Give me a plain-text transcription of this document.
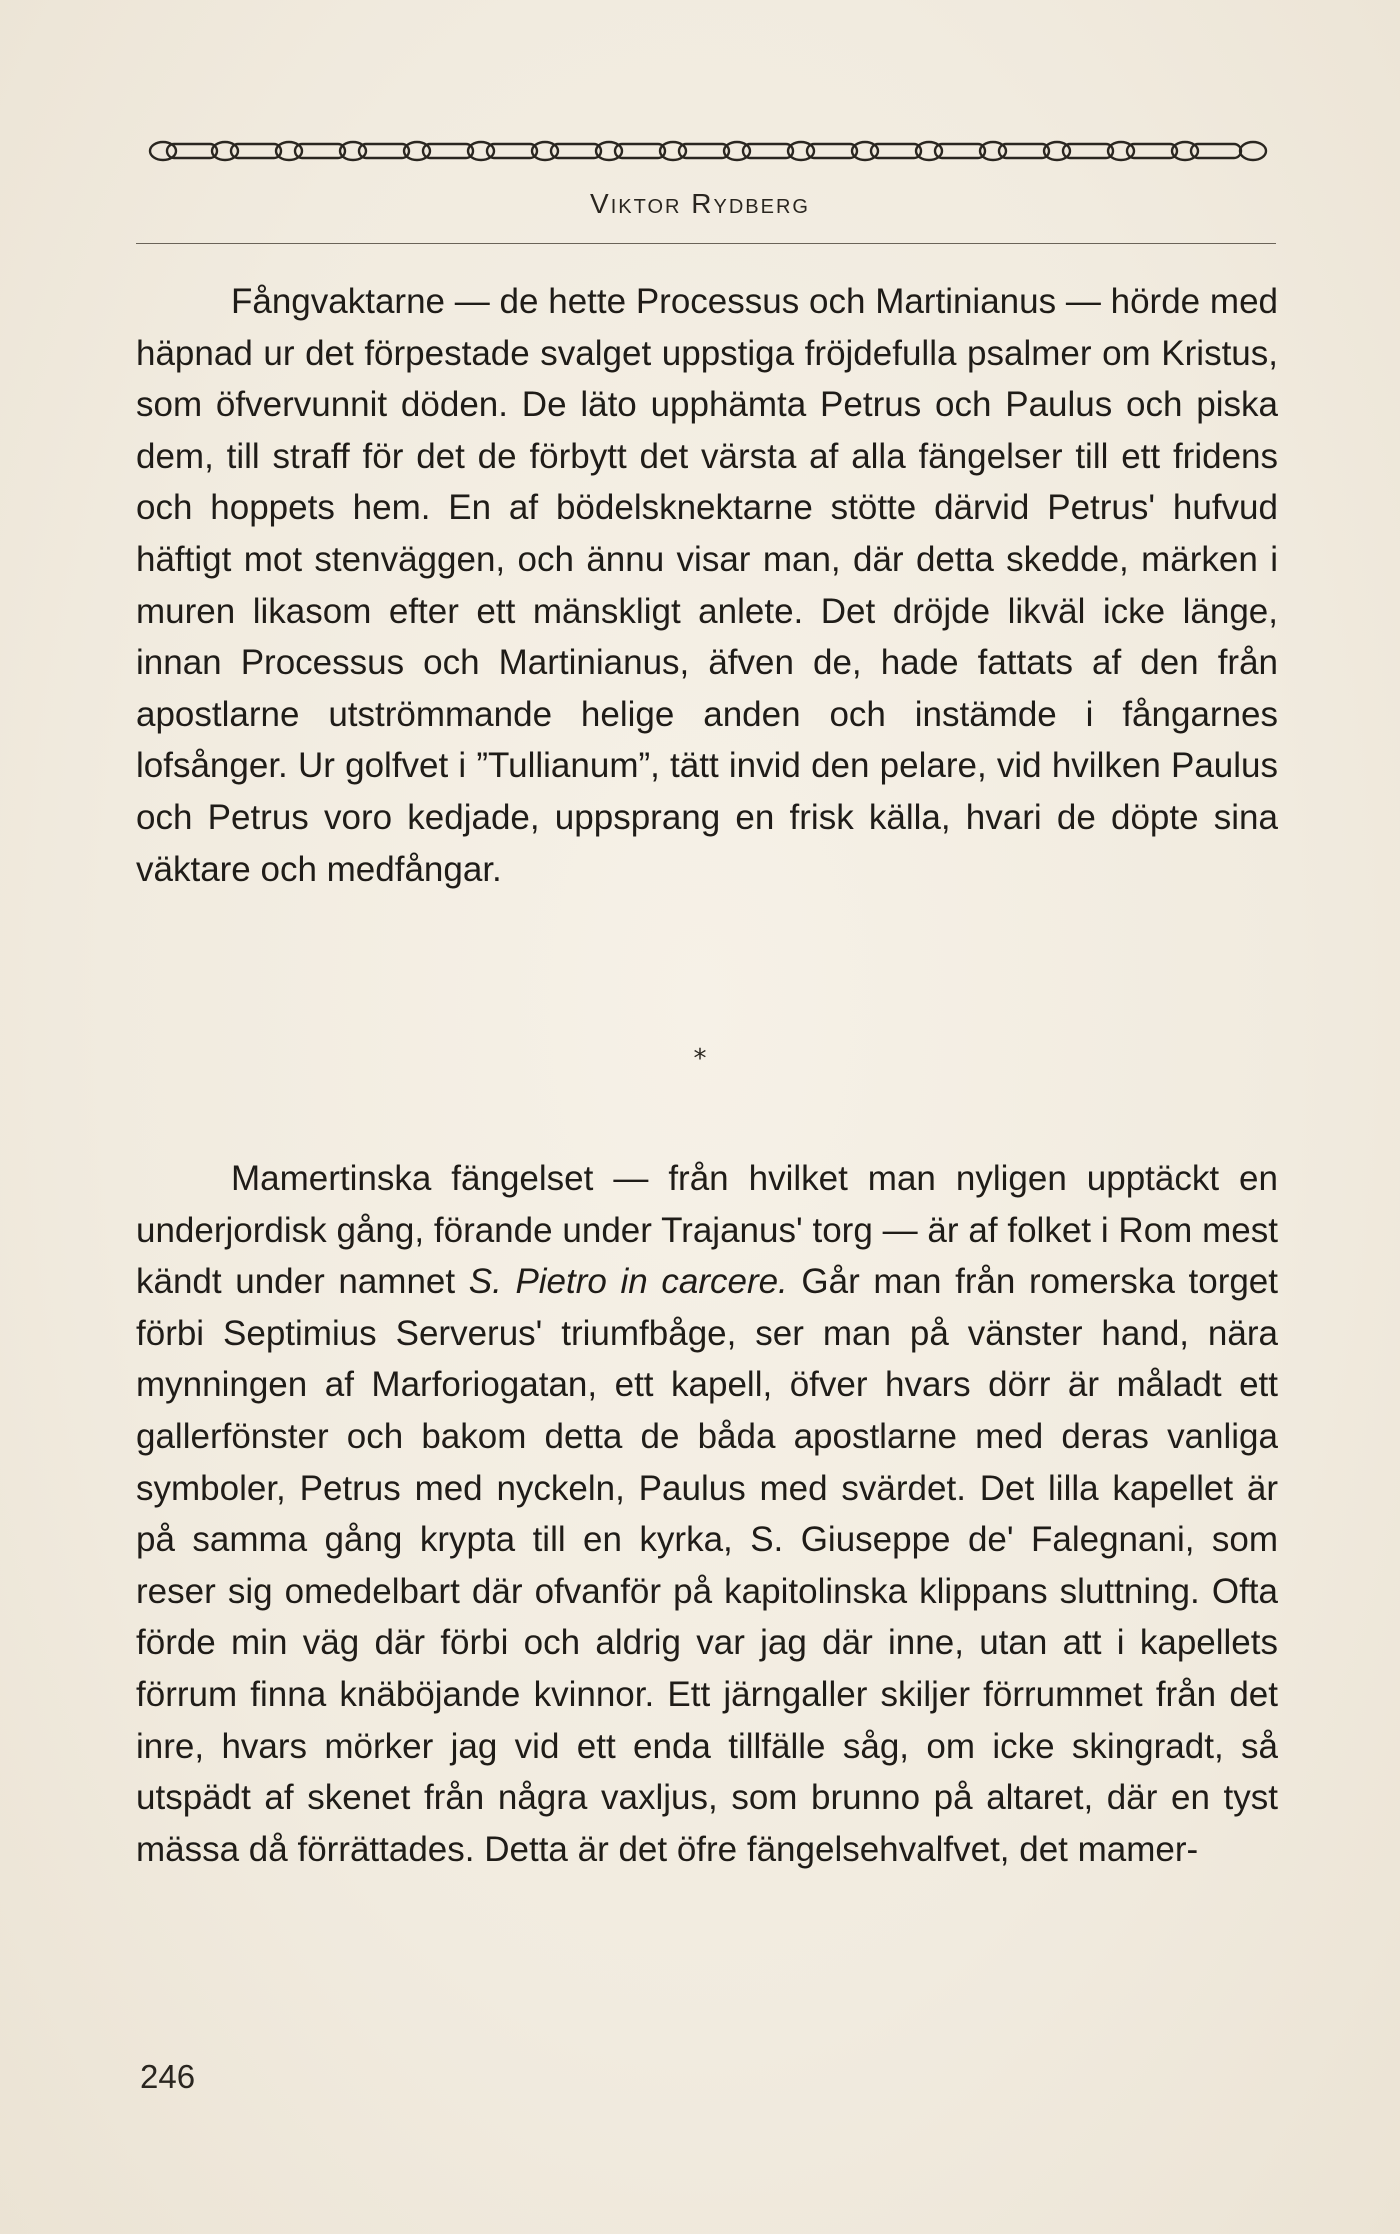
Viktor Rydberg

Fångvaktarne — de hette Processus och Martinianus — hörde med häpnad ur det förpestade svalget uppstiga fröjdefulla psalmer om Kristus, som öfvervunnit döden. De läto upphämta Petrus och Paulus och piska dem, till straff för det de förbytt det värsta af alla fängelser till ett fridens och hoppets hem. En af bödelsknektarne stötte därvid Petrus' hufvud häftigt mot stenväggen, och ännu visar man, där detta skedde, märken i muren likasom efter ett mänskligt anlete. Det dröjde likväl icke länge, innan Processus och Martinianus, äfven de, hade fattats af den från apostlarne utströmmande helige anden och instämde i fångarnes lofsånger. Ur golfvet i ”Tullianum”, tätt invid den pelare, vid hvilken Paulus och Petrus voro kedjade, uppsprang en frisk källa, hvari de döpte sina väktare och medfångar.

*

Mamertinska fängelset — från hvilket man nyligen upptäckt en underjordisk gång, förande under Trajanus' torg — är af folket i Rom mest kändt under namnet S. Pietro in carcere. Går man från romerska torget förbi Septimius Serverus' triumfbåge, ser man på vänster hand, nära mynningen af Marforiogatan, ett kapell, öfver hvars dörr är måladt ett gallerfönster och bakom detta de båda apostlarne med deras vanliga symboler, Petrus med nyckeln, Paulus med svärdet. Det lilla kapellet är på samma gång krypta till en kyrka, S. Giuseppe de' Falegnani, som reser sig omedelbart där ofvanför på kapitolinska klippans sluttning. Ofta förde min väg där förbi och aldrig var jag där inne, utan att i kapellets förrum finna knäböjande kvinnor. Ett järngaller skiljer förrummet från det inre, hvars mörker jag vid ett enda tillfälle såg, om icke skingradt, så utspädt af skenet från några vaxljus, som brunno på altaret, där en tyst mässa då förrättades. Detta är det öfre fängelsehvalfvet, det mamer-

246
